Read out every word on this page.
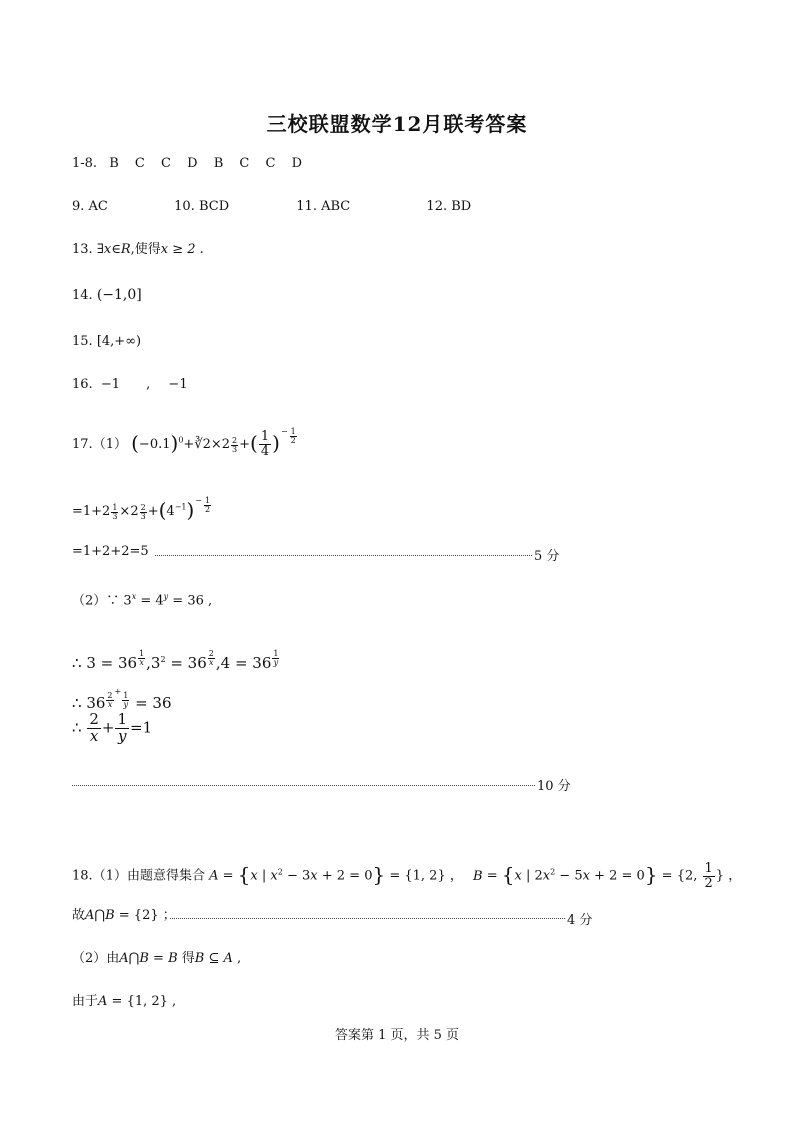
三校联盟数学12月联考答案
1-8. B C C D B C C D
9. AC	10. BCD	11. ABC	12. BD
13. ∃x∈R,使得x ≥ 2 .
14. (−1,0]
15. [4,+∞)
16. −1 , −1
17.（1） $(-0.1)^0+∛2\times 2 \frac{2}{3}$ +( $\frac{1}{4}$ ) − $\frac{1}{2}$
$=1+2 \frac{1}{3} \times 2 \frac{2}{3} +(4^{-1})- \frac{1}{2}$
=1+2+2=5	5 分
（2）∵ $3^x = 4^y = 36$ ,
∴ $3 = 36 \frac{1}{x} ,3^2 = 36 \frac{2}{x} ,4 = 36 \frac{1}{y}$
∴ $36 \frac{2}{x}$
+
$\frac{1}{y} = 36$
∴ $\frac{2}{x} + \frac{1}{y} =1$
10 分
18.（1）由题意得集合 A = {x | $x^2 - 3x + 2 = 0\} = \{1$, 2} ， B = {x | $2x^2 - 5x + 2 = 0\} = \{2$, $\frac{1}{2}$ } ，
故A⋂B = {2} ；	4 分
（2）由A⋂B = B 得B ⊆ A ,
由于A = {1, 2} ,
答案第 1 页，共 5 页
